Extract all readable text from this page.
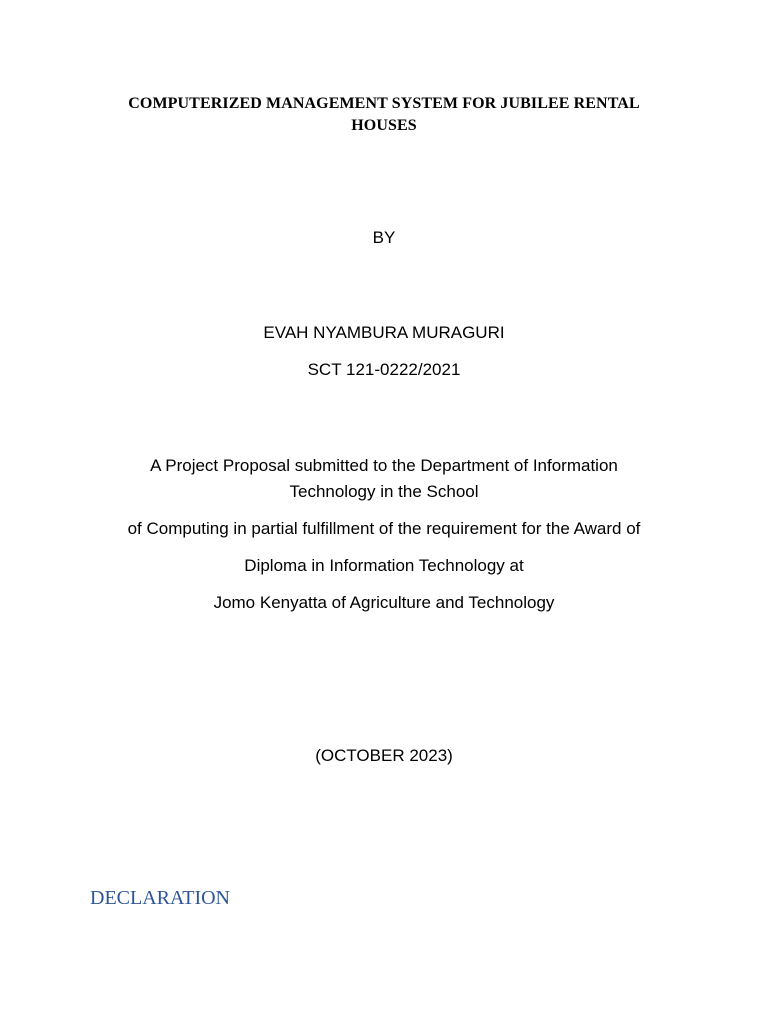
COMPUTERIZED MANAGEMENT SYSTEM FOR JUBILEE RENTAL
HOUSES
BY
EVAH NYAMBURA MURAGURI
SCT 121-0222/2021
A Project Proposal submitted to the Department of Information
Technology in the School
of Computing in partial fulfillment of the requirement for the Award of
Diploma in Information Technology at
Jomo Kenyatta of Agriculture and Technology
(OCTOBER 2023)
DECLARATION
